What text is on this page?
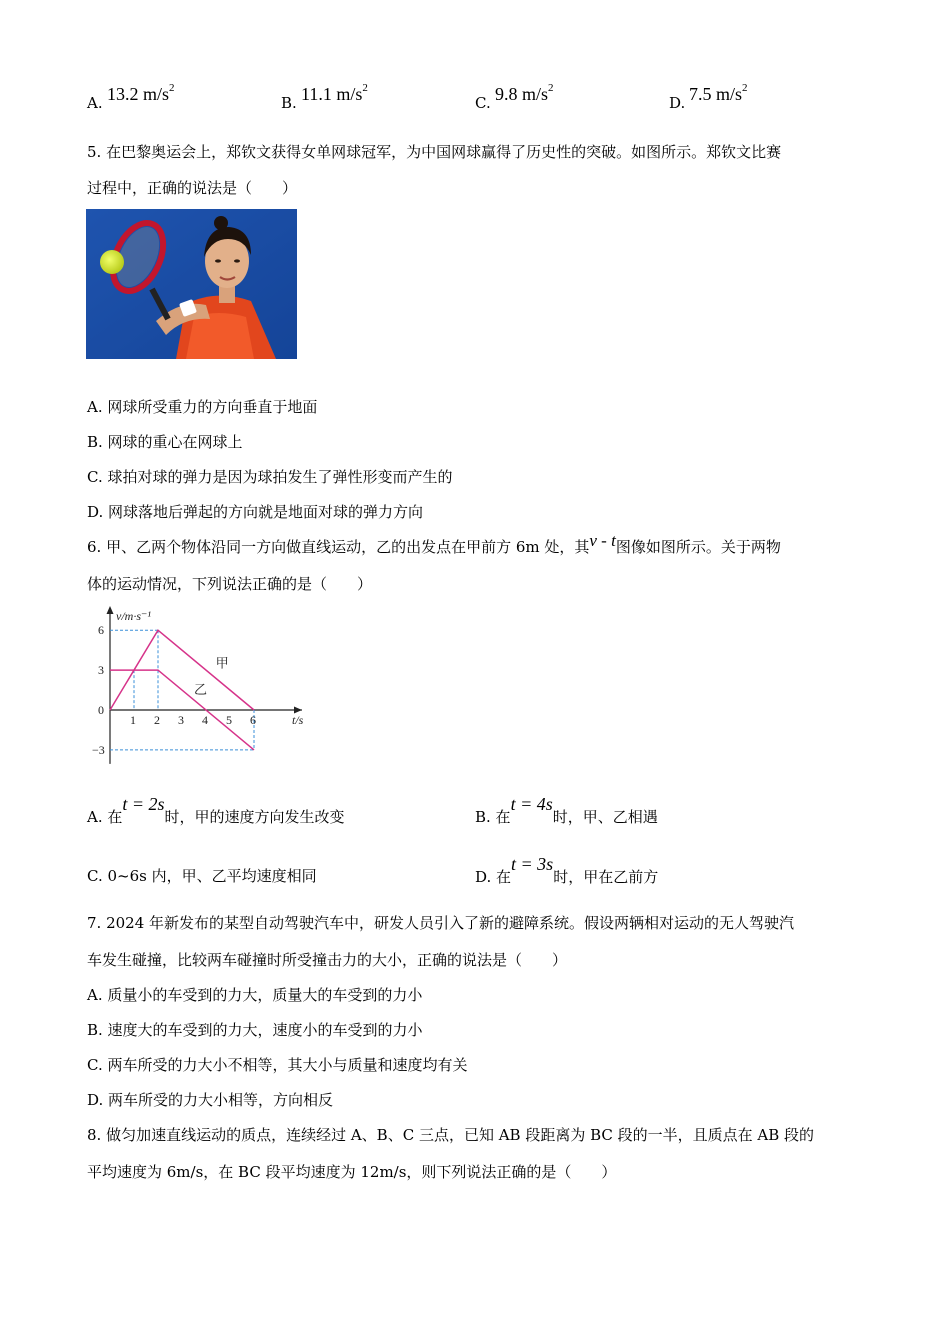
A. 13.2 $m/s^2$
B. 11.1 $m/s^2$
C. 9.8 $m/s^2$
D. 7.5 $m/s^2$
5. 在巴黎奥运会上，郑钦文获得女单网球冠军，为中国网球赢得了历史性的突破。如图所示。郑钦文比赛
过程中，正确的说法是（　　）
A. 网球所受重力的方向垂直于地面
B. 网球的重心在网球上
C. 球拍对球的弹力是因为球拍发生了弹性形变而产生的
D. 网球落地后弹起的方向就是地面对球的弹力方向
6. 甲、乙两个物体沿同一方向做直线运动，乙的出发点在甲前方 6m 处，其v - t图像如图所示。关于两物
体的运动情况，下列说法正确的是（　　）
甲
乙
1 2 3 4 5 6
6
3
0
−3
v/m·s⁻¹
t/s
A. 在t = 2s时，甲的速度方向发生改变	B. 在t = 4s时，甲、乙相遇
C. 0~6s 内，甲、乙平均速度相同	D. 在t = 3s时，甲在乙前方
7. 2024 年新发布的某型自动驾驶汽车中，研发人员引入了新的避障系统。假设两辆相对运动的无人驾驶汽
车发生碰撞，比较两车碰撞时所受撞击力的大小，正确的说法是（　　）
A. 质量小的车受到的力大，质量大的车受到的力小
B. 速度大的车受到的力大，速度小的车受到的力小
C. 两车所受的力大小不相等，其大小与质量和速度均有关
D. 两车所受的力大小相等，方向相反
8. 做匀加速直线运动的质点，连续经过 A、B、C 三点，已知 AB 段距离为 BC 段的一半，且质点在 AB 段的
平均速度为 6m/s，在 BC 段平均速度为 12m/s，则下列说法正确的是（　　）
